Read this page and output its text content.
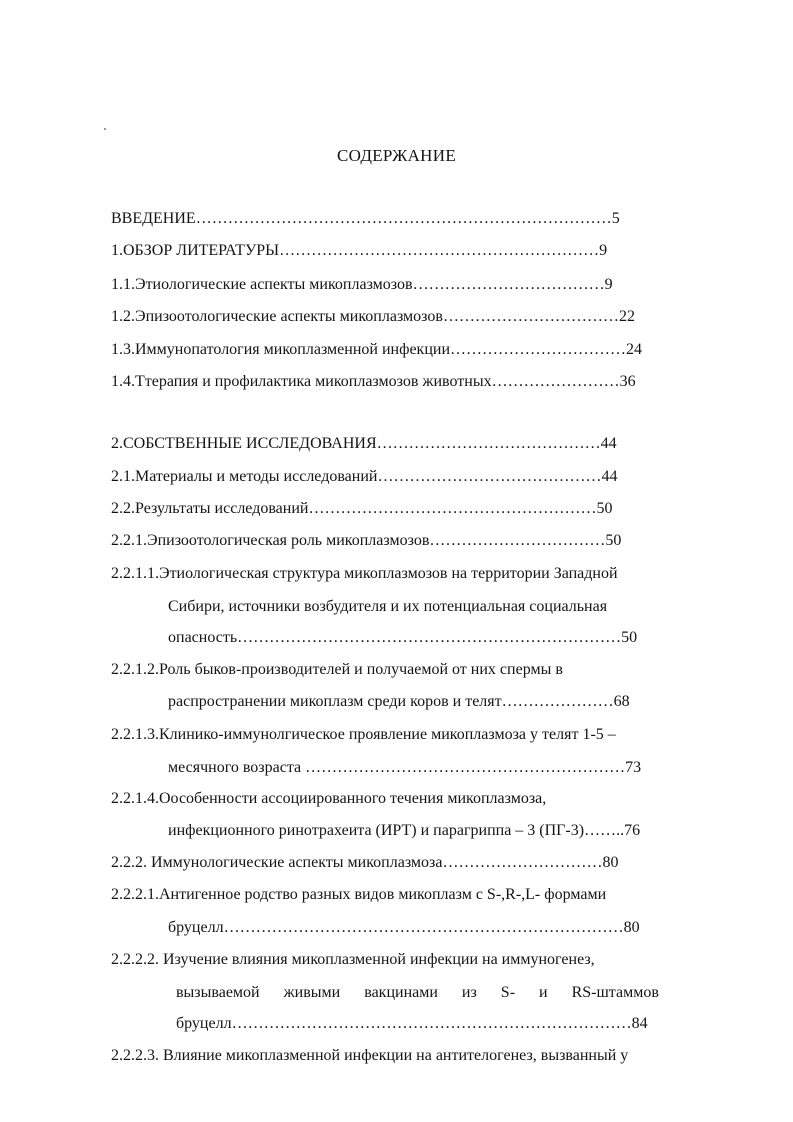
СОДЕРЖАНИЕ
ВВЕДЕНИЕ……………………………………………………………………5
1.ОБЗОР ЛИТЕРАТУРЫ……………………………………………………9
1.1.Этиологические аспекты микоплазмозов………………………………9
1.2.Эпизоотологические аспекты микоплазмозов……………………………22
1.3.Иммунопатология микоплазменной инфекции……………………………24
1.4.Ттерапия и профилактика микоплазмозов животных……………………36
2.СОБСТВЕННЫЕ ИССЛЕДОВАНИЯ……………………………………44
2.1.Материалы и методы исследований……………………………………44
2.2.Результаты исследований………………………………………………50
2.2.1.Эпизоотологическая роль микоплазмозов……………………………50
2.2.1.1.Этиологическая структура микоплазмозов на территории Западной
Сибири, источники возбудителя и их потенциальная социальная
опасность………………………………………………………………50
2.2.1.2.Роль быков-производителей и получаемой от них спермы в
распространении микоплазм среди коров и телят…………………68
2.2.1.3.Клинико-иммунолгическое проявление микоплазмоза у телят 1-5 –
месячного возраста ……………………………………………………73
2.2.1.4.Оособенности ассоциированного течения микоплазмоза,
инфекционного ринотрахеита (ИРТ) и парагриппа – 3 (ПГ-3)……..76
2.2.2. Иммунологические аспекты микоплазмоза…………………………80
2.2.2.1.Антигенное родство разных видов микоплазм с S-,R-,L- формами
бруцелл…………………………………………………………………80
2.2.2.2. Изучение влияния микоплазменной инфекции на иммуногенез,
вызываемой живыми вакцинами из S- и RS-штаммов
бруцелл…………………………………………………………………84
2.2.2.3. Влияние микоплазменной инфекции на антителогенез, вызванный у
